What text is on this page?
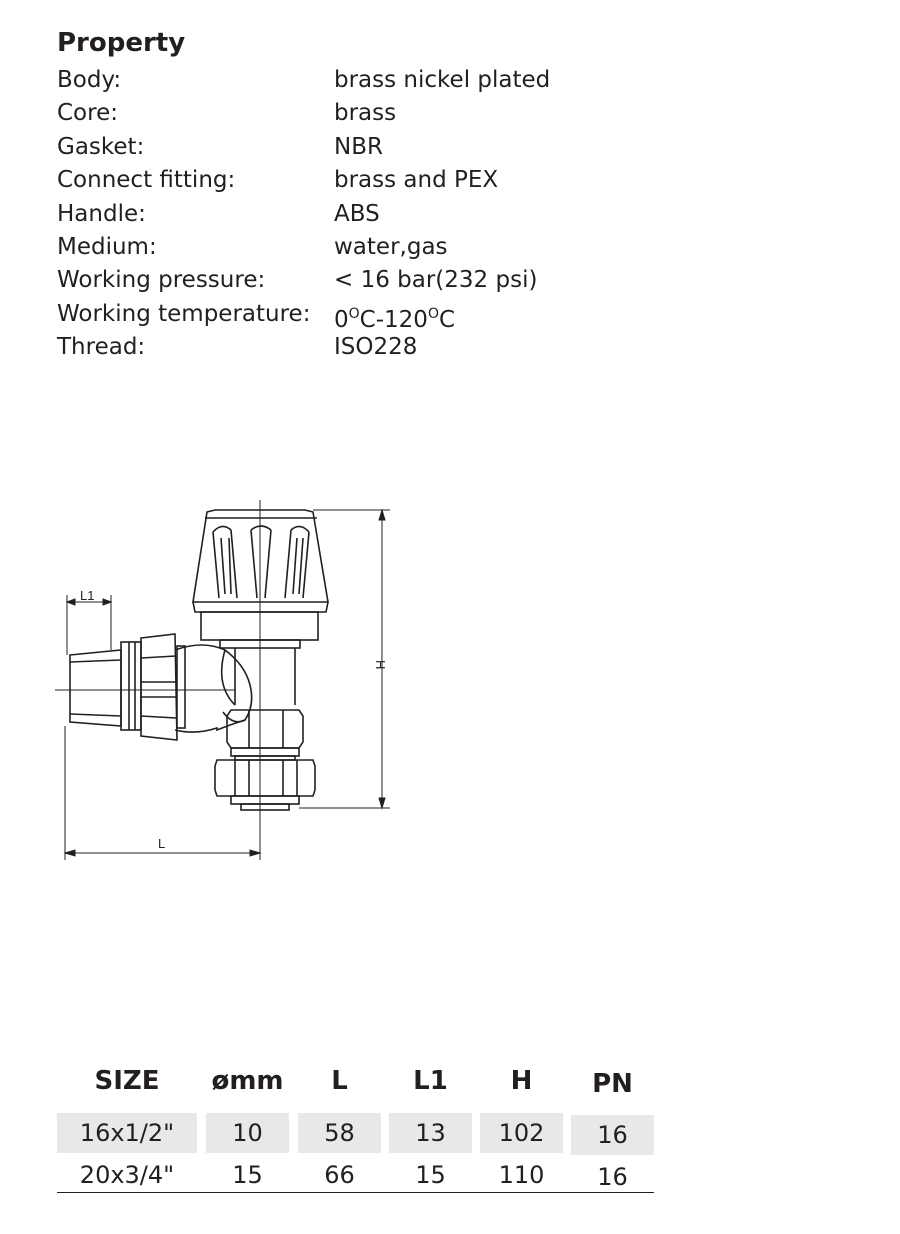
Property
Body:	brass nickel plated
Core:	brass
Gasket:	NBR
Connect fitting:	brass and PEX
Handle:	ABS
Medium:	water,gas
Working pressure:	< 16 bar(232 psi)
Working temperature: $0^OC-120^OC$
Thread:	ISO228
L1
L
H
SIZE	ømm	L	L1	H	PN
16x1/2"	10	58	13	102	16
20x3/4"	15	66	15	110	16
